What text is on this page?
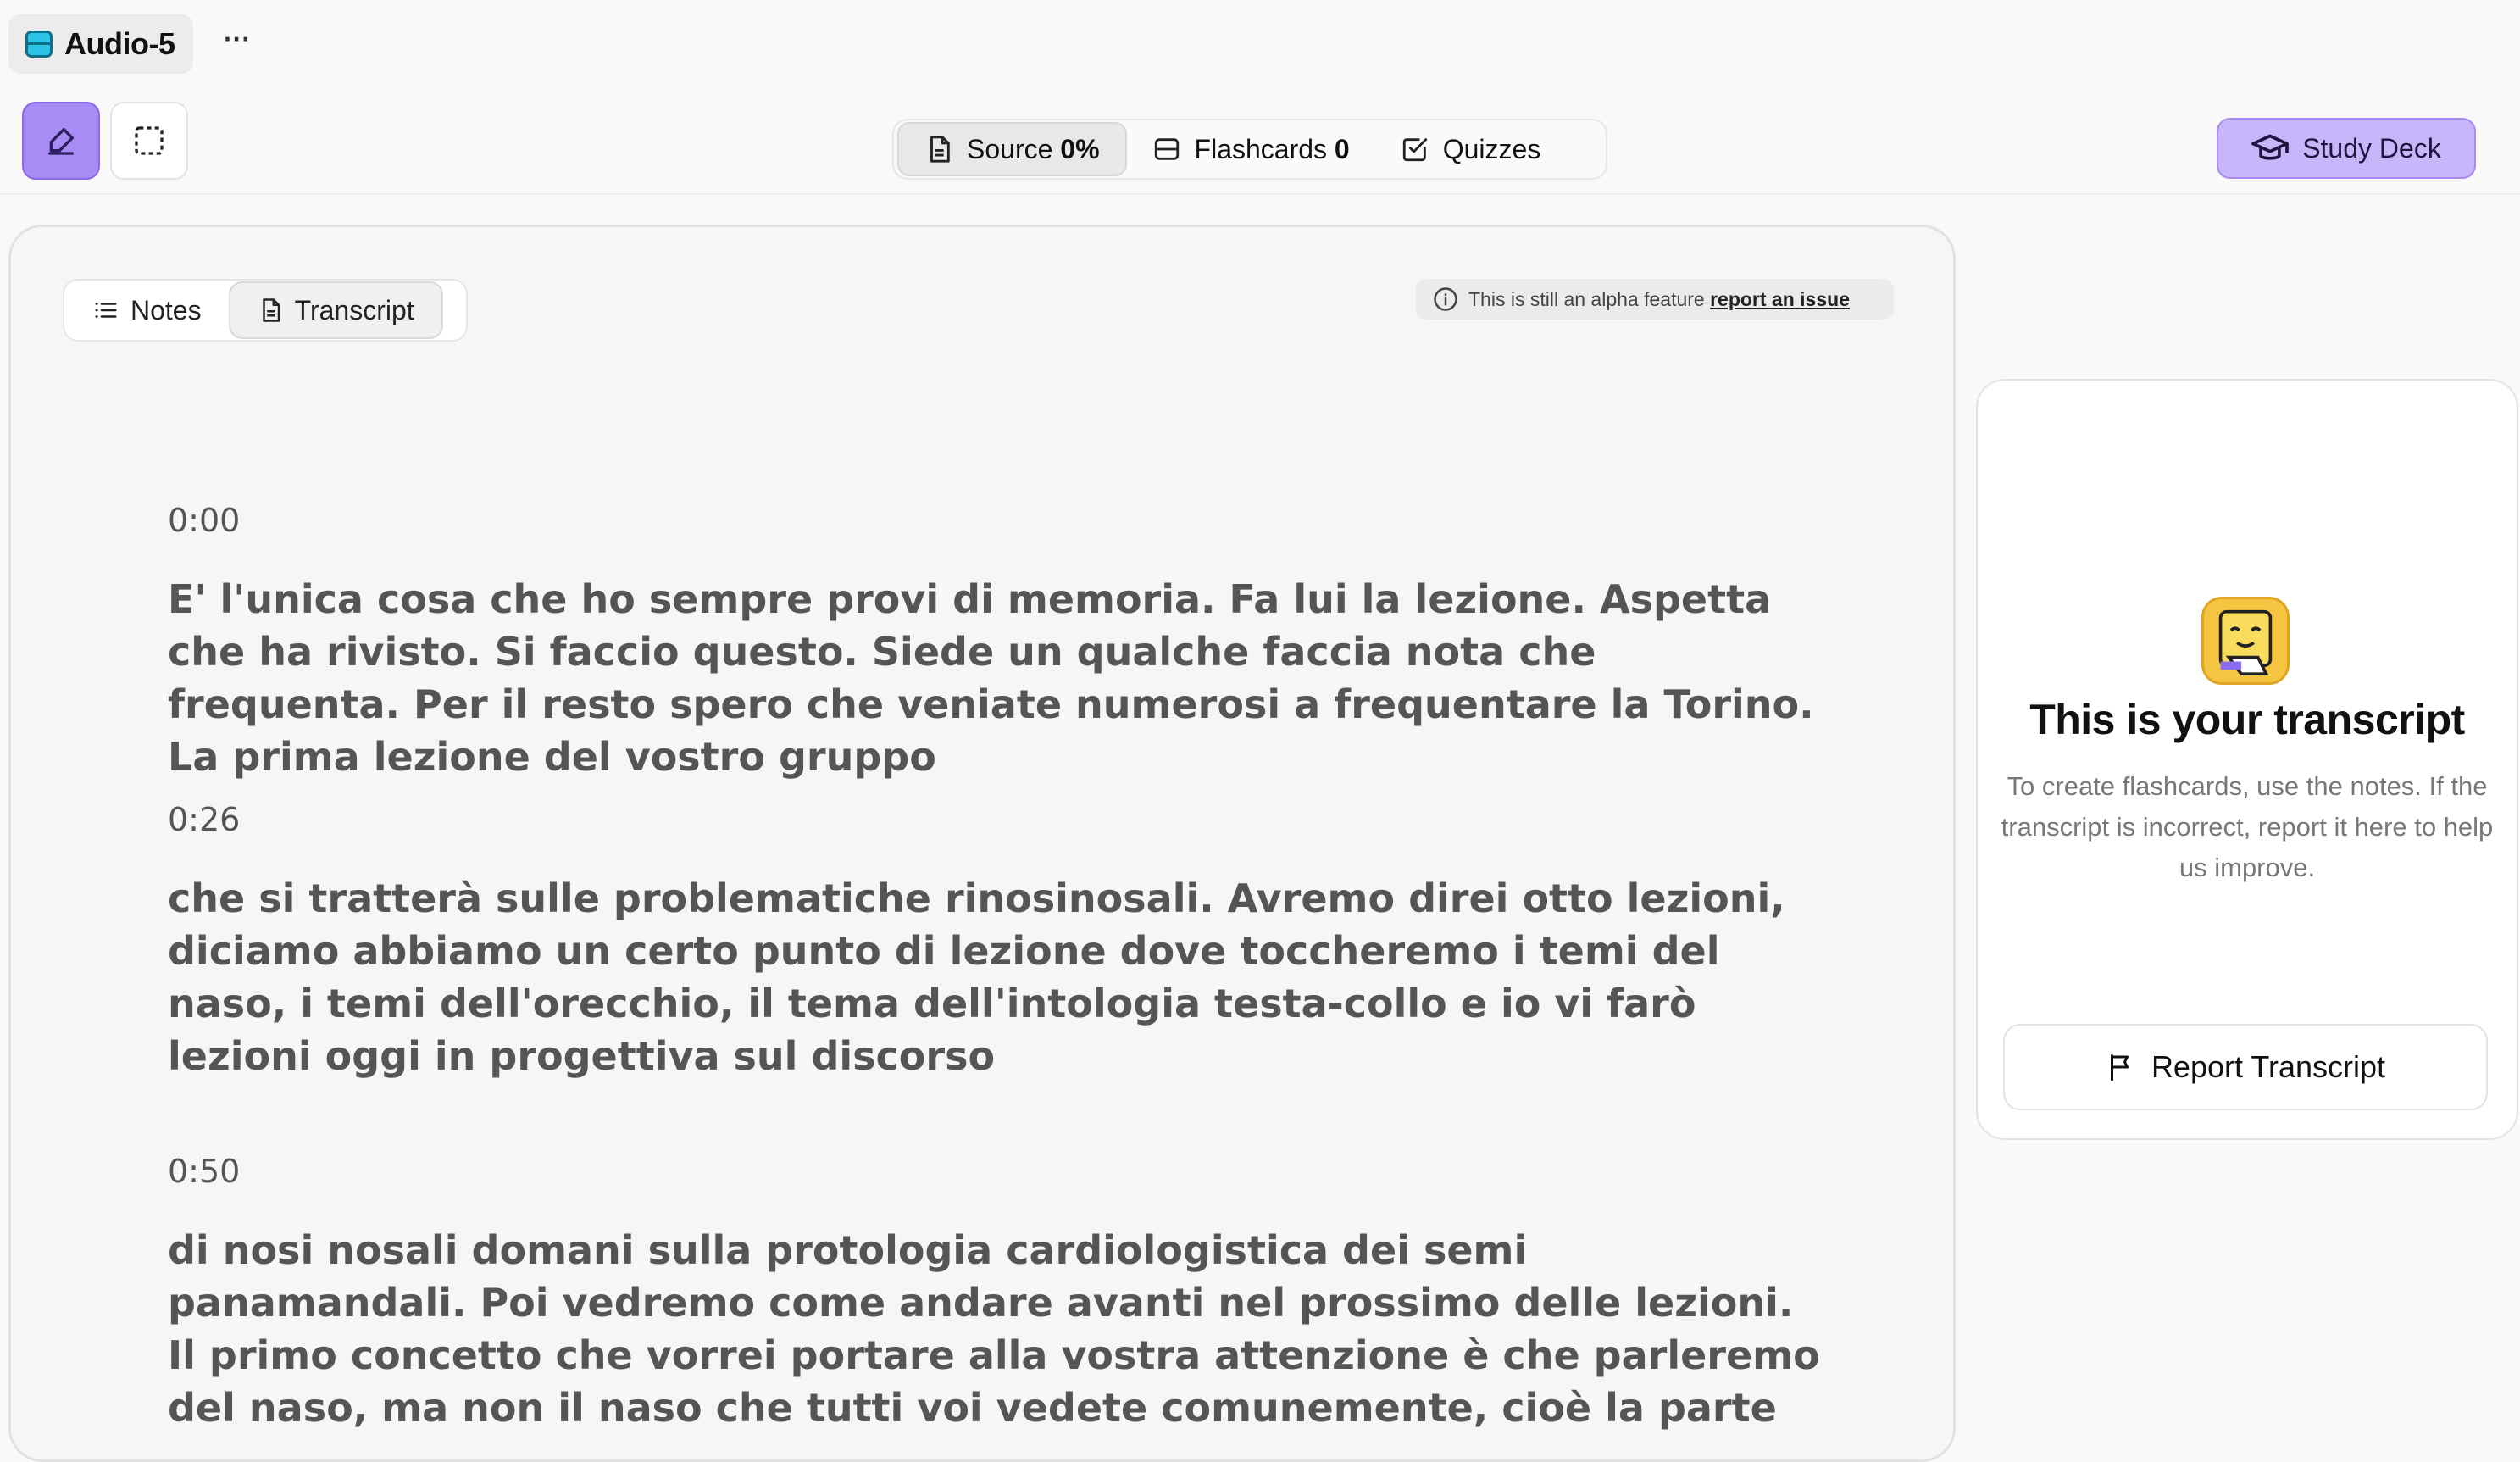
Audio-5 ···
Source 0%	Flashcards 0	Quizzes	Study Deck
Notes	Transcript	This is still an alpha feature report an issue
0:00
E' l'unica cosa che ho sempre provi di memoria. Fa lui la lezione. Aspetta che ha rivisto. Si faccio questo. Siede un qualche faccia nota che frequenta. Per il resto spero che veniate numerosi a frequentare la Torino. La prima lezione del vostro gruppo
0:26
che si tratterà sulle problematiche rinosinosali. Avremo direi otto lezioni, diciamo abbiamo un certo punto di lezione dove toccheremo i temi del naso, i temi dell'orecchio, il tema dell'intologia testa-collo e io vi farò lezioni oggi in progettiva sul discorso
0:50
di nosi nosali domani sulla protologia cardiologistica dei semi panamandali. Poi vedremo come andare avanti nel prossimo delle lezioni. Il primo concetto che vorrei portare alla vostra attenzione è che parleremo del naso, ma non il naso che tutti voi vedete comunemente, cioè la parte
This is your transcript
To create flashcards, use the notes. If the transcript is incorrect, report it here to help us improve.
Report Transcript
